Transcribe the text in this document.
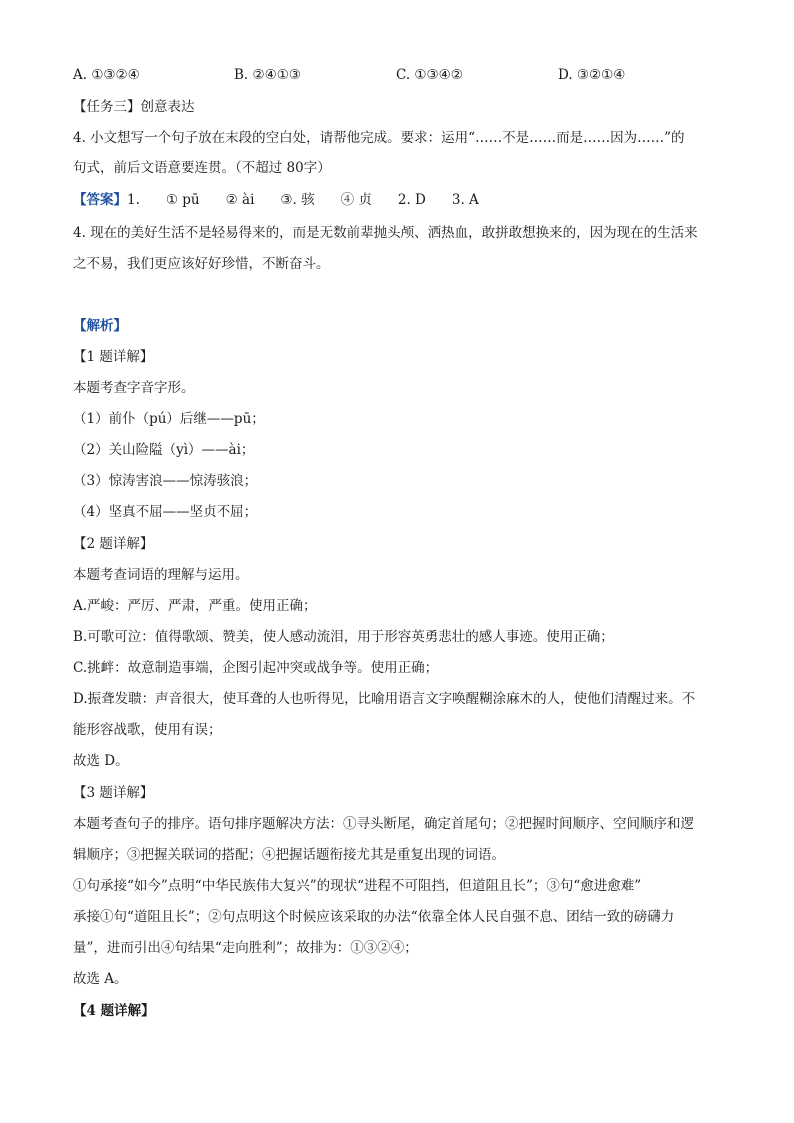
A. ①③②④	B. ②④①③	C. ①③④②	D. ③②①④
【任务三】创意表达
4. 小文想写一个句子放在末段的空白处，请帮他完成。要求：运用“……不是……而是……因为……”的
句式，前后文语意要连贯。（不超过 80字）
【答案】1. ① pū ② ài ③. 骇 ④ 贞 2. D 3. A
4. 现在的美好生活不是轻易得来的，而是无数前辈抛头颅、洒热血，敢拼敢想换来的，因为现在的生活来
之不易，我们更应该好好珍惜，不断奋斗。
【解析】
【1 题详解】
本题考查字音字形。
（1）前仆（pú）后继——pū；
（2）关山险隘（yì）——ài；
（3）惊涛害浪——惊涛骇浪；
（4）坚真不屈——坚贞不屈；
【2 题详解】
本题考查词语的理解与运用。
A.严峻：严厉、严肃，严重。使用正确；
B.可歌可泣：值得歌颂、赞美，使人感动流泪，用于形容英勇悲壮的感人事迹。使用正确；
C.挑衅：故意制造事端，企图引起冲突或战争等。使用正确；
D.振聋发聩：声音很大，使耳聋的人也听得见，比喻用语言文字唤醒糊涂麻木的人，使他们清醒过来。不
能形容战歌，使用有误；
故选 D。
【3 题详解】
本题考查句子的排序。语句排序题解决方法：①寻头断尾，确定首尾句；②把握时间顺序、空间顺序和逻
辑顺序；③把握关联词的搭配；④把握话题衔接尤其是重复出现的词语。
①句承接“如今”点明“中华民族伟大复兴”的现状“进程不可阻挡，但道阻且长”；③句“愈进愈难”
承接①句“道阻且长”；②句点明这个时候应该采取的办法“依靠全体人民自强不息、团结一致的磅礴力
量”，进而引出④句结果“走向胜利”；故排为：①③②④；
故选 A。
【4 题详解】
